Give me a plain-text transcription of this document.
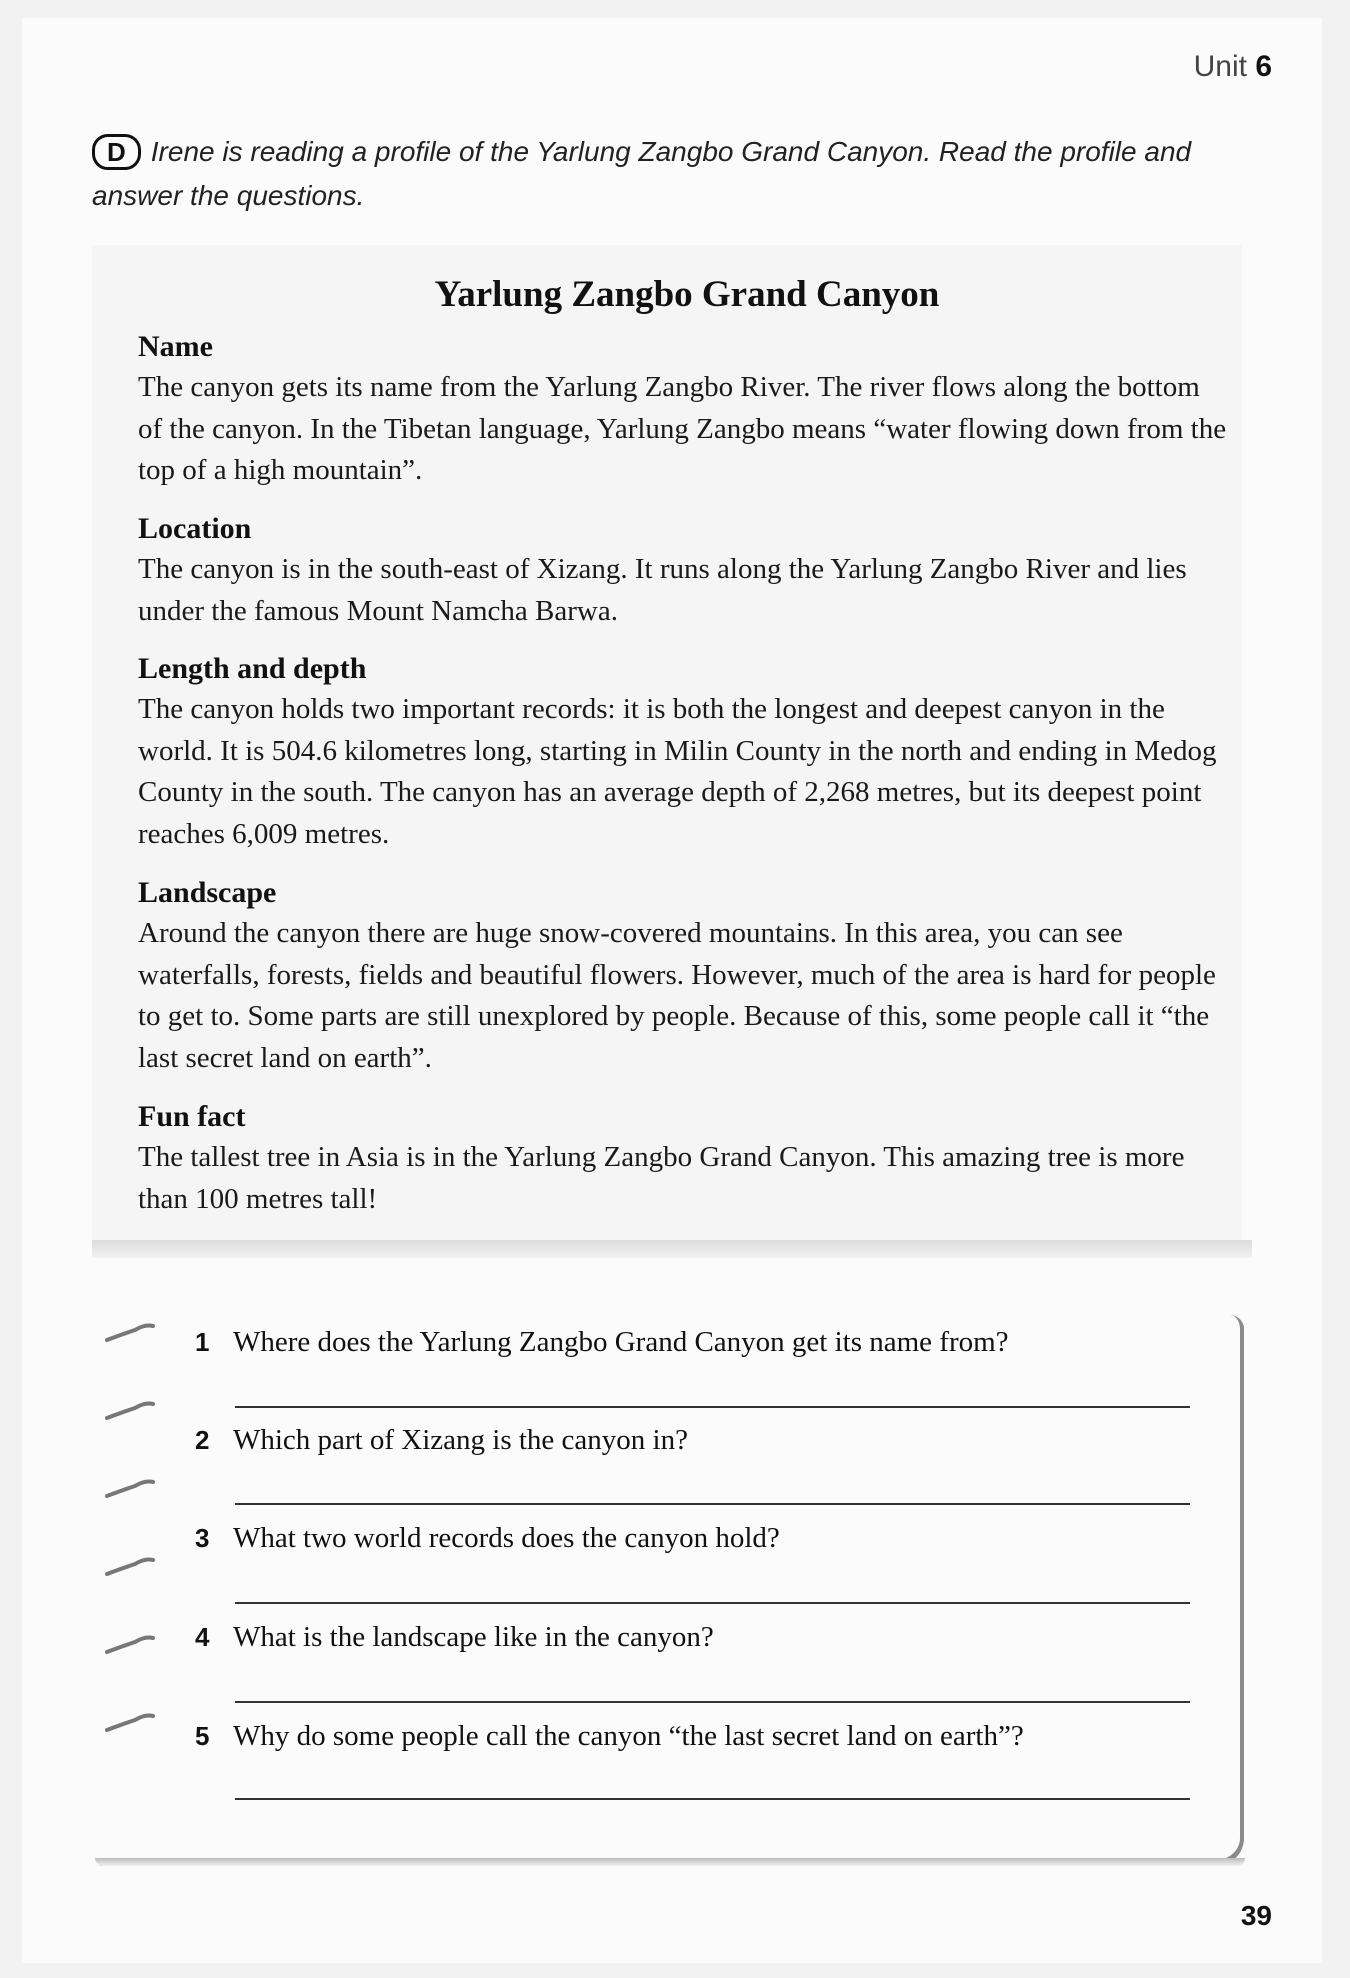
Unit 6
D Irene is reading a profile of the Yarlung Zangbo Grand Canyon. Read the profile and answer the questions.
Yarlung Zangbo Grand Canyon
Name

The canyon gets its name from the Yarlung Zangbo River. The river flows along the bottom of the canyon. In the Tibetan language, Yarlung Zangbo means “water flowing down from the top of a high mountain”.

Location

The canyon is in the south-east of Xizang. It runs along the Yarlung Zangbo River and lies under the famous Mount Namcha Barwa.

Length and depth

The canyon holds two important records: it is both the longest and deepest canyon in the world. It is 504.6 kilometres long, starting in Milin County in the north and ending in Medog County in the south. The canyon has an average depth of 2,268 metres, but its deepest point reaches 6,009 metres.

Landscape

Around the canyon there are huge snow-covered mountains. In this area, you can see waterfalls, forests, fields and beautiful flowers. However, much of the area is hard for people to get to. Some parts are still unexplored by people. Because of this, some people call it “the last secret land on earth”.

Fun fact

The tallest tree in Asia is in the Yarlung Zangbo Grand Canyon. This amazing tree is more than 100 metres tall!

1 Where does the Yarlung Zangbo Grand Canyon get its name from?
2 Which part of Xizang is the canyon in?
3 What two world records does the canyon hold?
4 What is the landscape like in the canyon?
5 Why do some people call the canyon “the last secret land on earth”?
39
